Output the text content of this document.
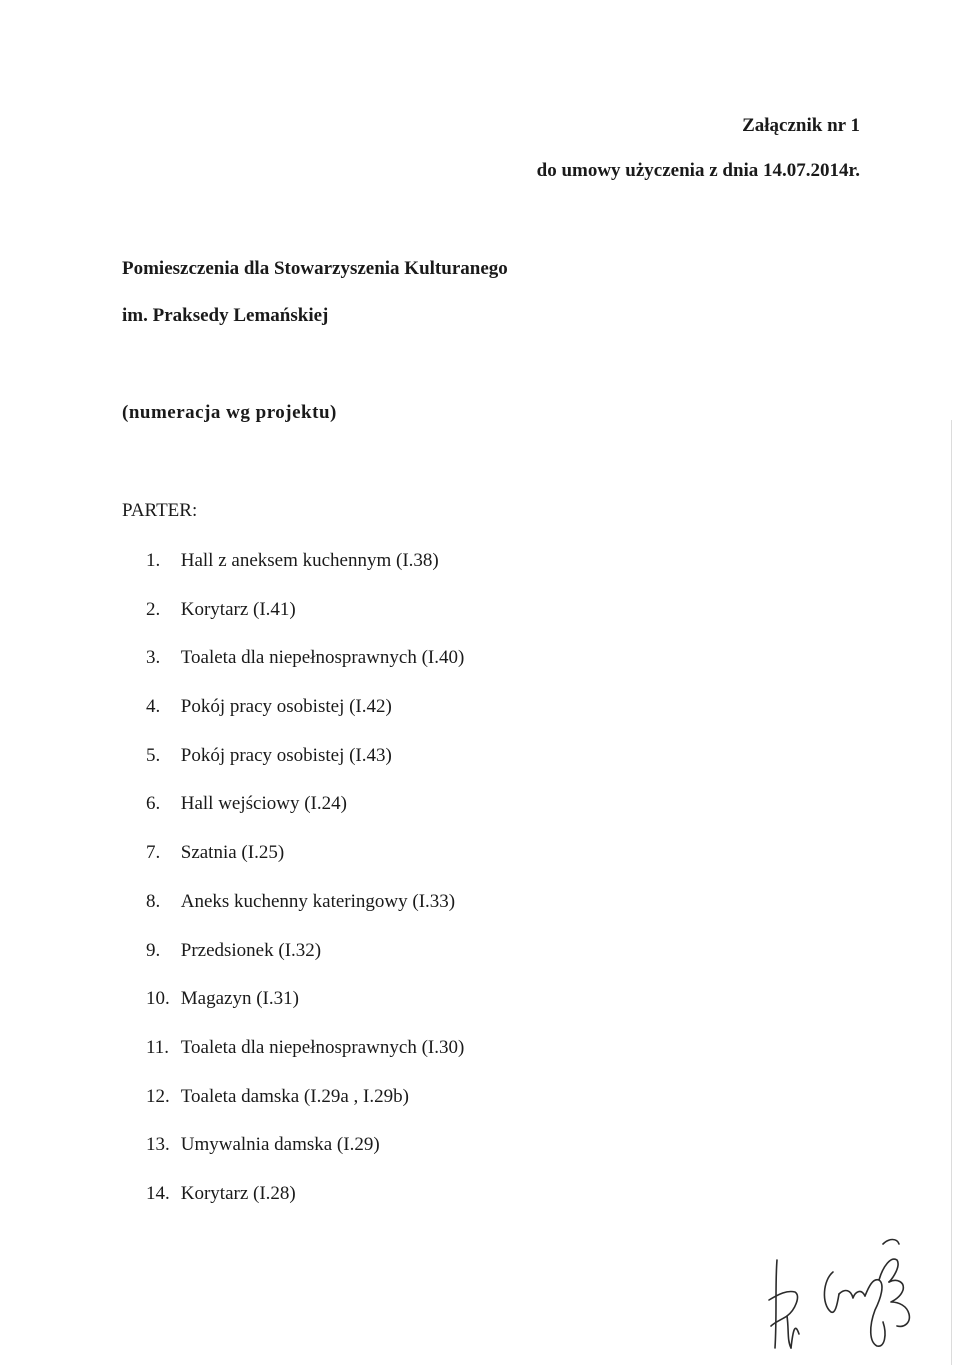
Załącznik nr 1
do umowy użyczenia z dnia 14.07.2014r.
Pomieszczenia dla Stowarzyszenia Kulturanego
im. Praksedy Lemańskiej
(numeracja wg projektu)
PARTER:
1.
	Hall z aneksem kuchennym (I.38)
2.
	Korytarz (I.41)
3.
	Toaleta dla niepełnosprawnych (I.40)
4.
	Pokój pracy osobistej (I.42)
5.
	Pokój pracy osobistej (I.43)
6.
	Hall wejściowy (I.24)
7.
	Szatnia (I.25)
8.
	Aneks kuchenny kateringowy (I.33)
9.
	Przedsionek (I.32)
10.
Magazyn (I.31)
11.
Toaleta dla niepełnosprawnych (I.30)
12.
Toaleta damska (I.29a , I.29b)
13.
Umywalnia damska (I.29)
14.
Korytarz (I.28)
